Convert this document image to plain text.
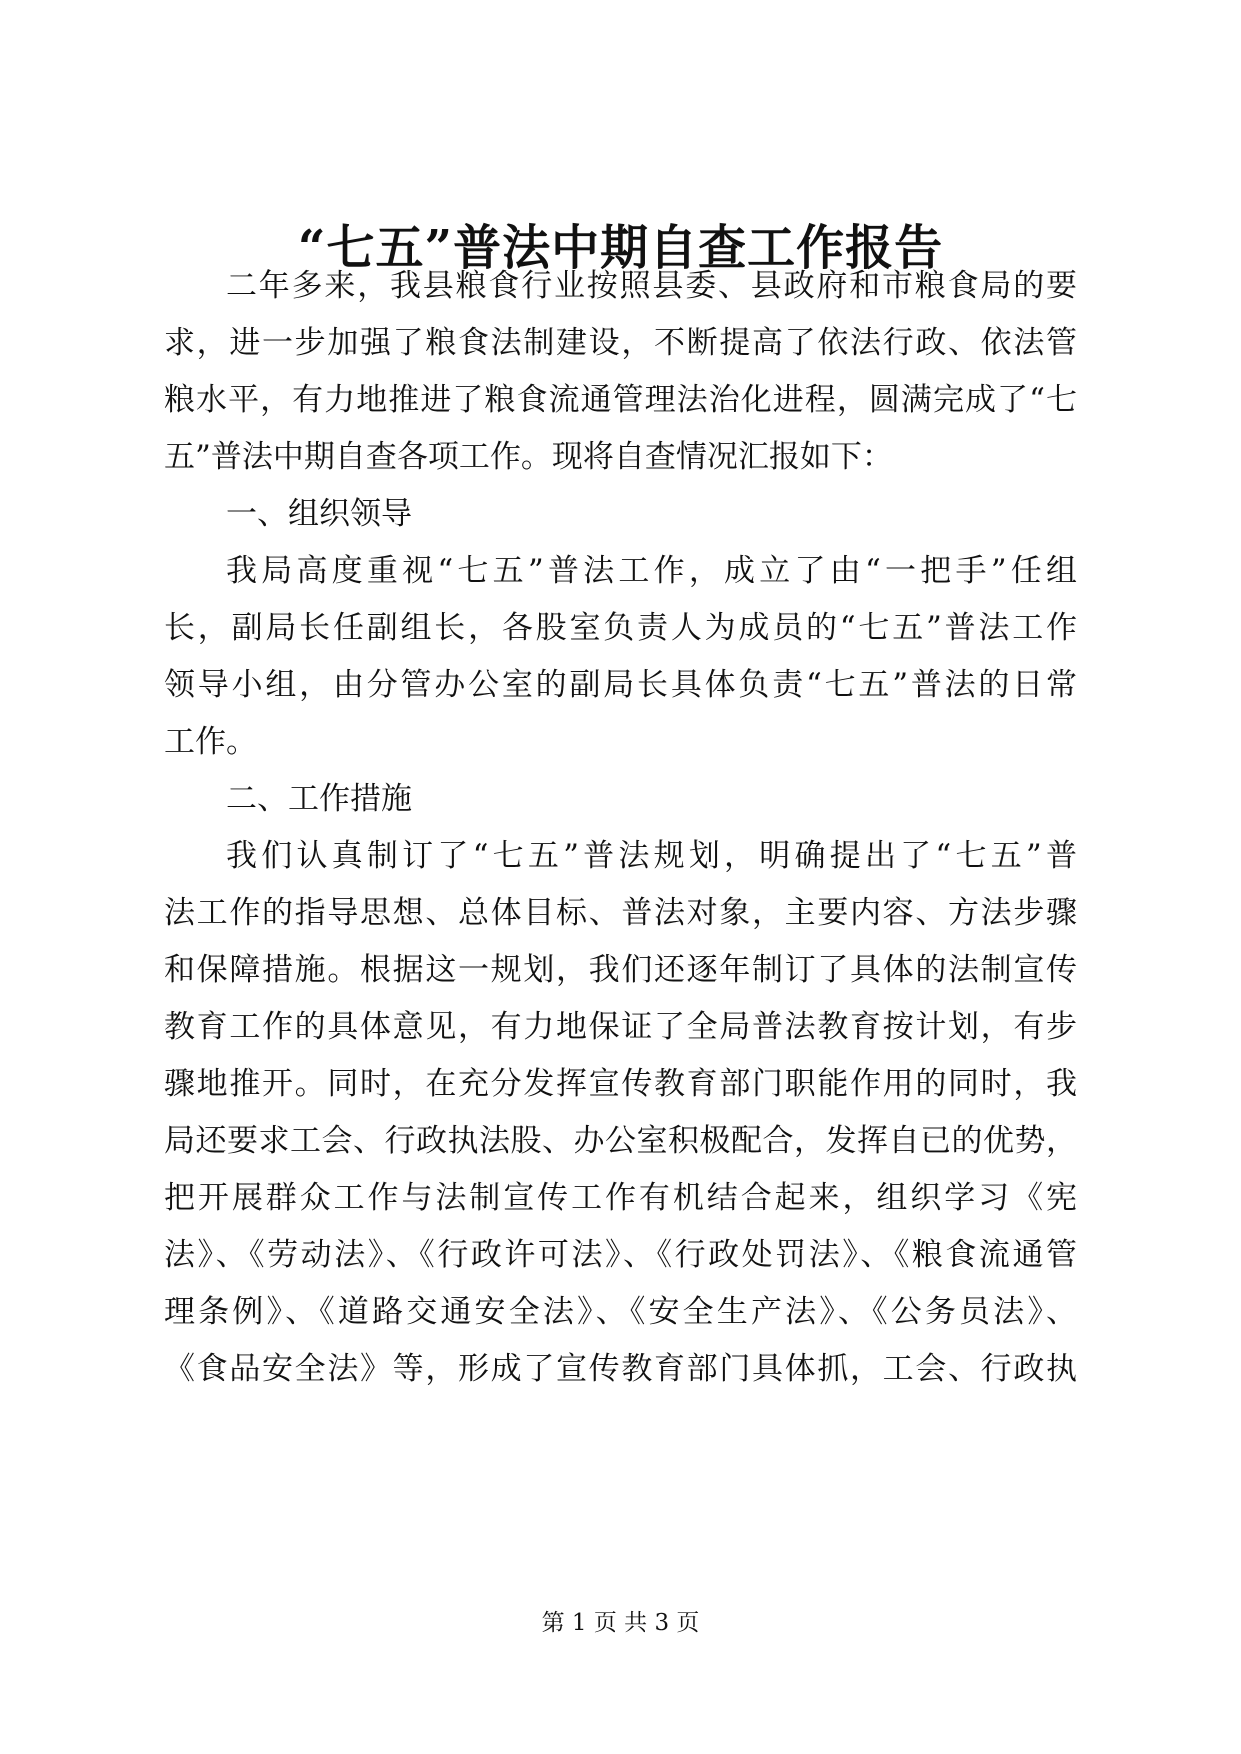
“七五”普法中期自查工作报告
二年多来，我县粮食行业按照县委、县政府和市粮食局的要
求，进一步加强了粮食法制建设，不断提高了依法行政、依法管
粮水平，有力地推进了粮食流通管理法治化进程，圆满完成了“七
五”普法中期自查各项工作。现将自查情况汇报如下：
一、组织领导
我局高度重视“七五”普法工作，成立了由“一把手”任组
长，副局长任副组长，各股室负责人为成员的“七五”普法工作
领导小组，由分管办公室的副局长具体负责“七五”普法的日常
工作。
二、工作措施
我们认真制订了“七五”普法规划，明确提出了“七五”普
法工作的指导思想、总体目标、普法对象，主要内容、方法步骤
和保障措施。根据这一规划，我们还逐年制订了具体的法制宣传
教育工作的具体意见，有力地保证了全局普法教育按计划，有步
骤地推开。同时，在充分发挥宣传教育部门职能作用的同时，我
局还要求工会、行政执法股、办公室积极配合，发挥自已的优势，
把开展群众工作与法制宣传工作有机结合起来，组织学习《宪
法》、《劳动法》、《行政许可法》、《行政处罚法》、《粮食流通管
理条例》、《道路交通安全法》、《安全生产法》、《公务员法》、
《食品安全法》等，形成了宣传教育部门具体抓，工会、行政执
第 1 页 共 3 页
